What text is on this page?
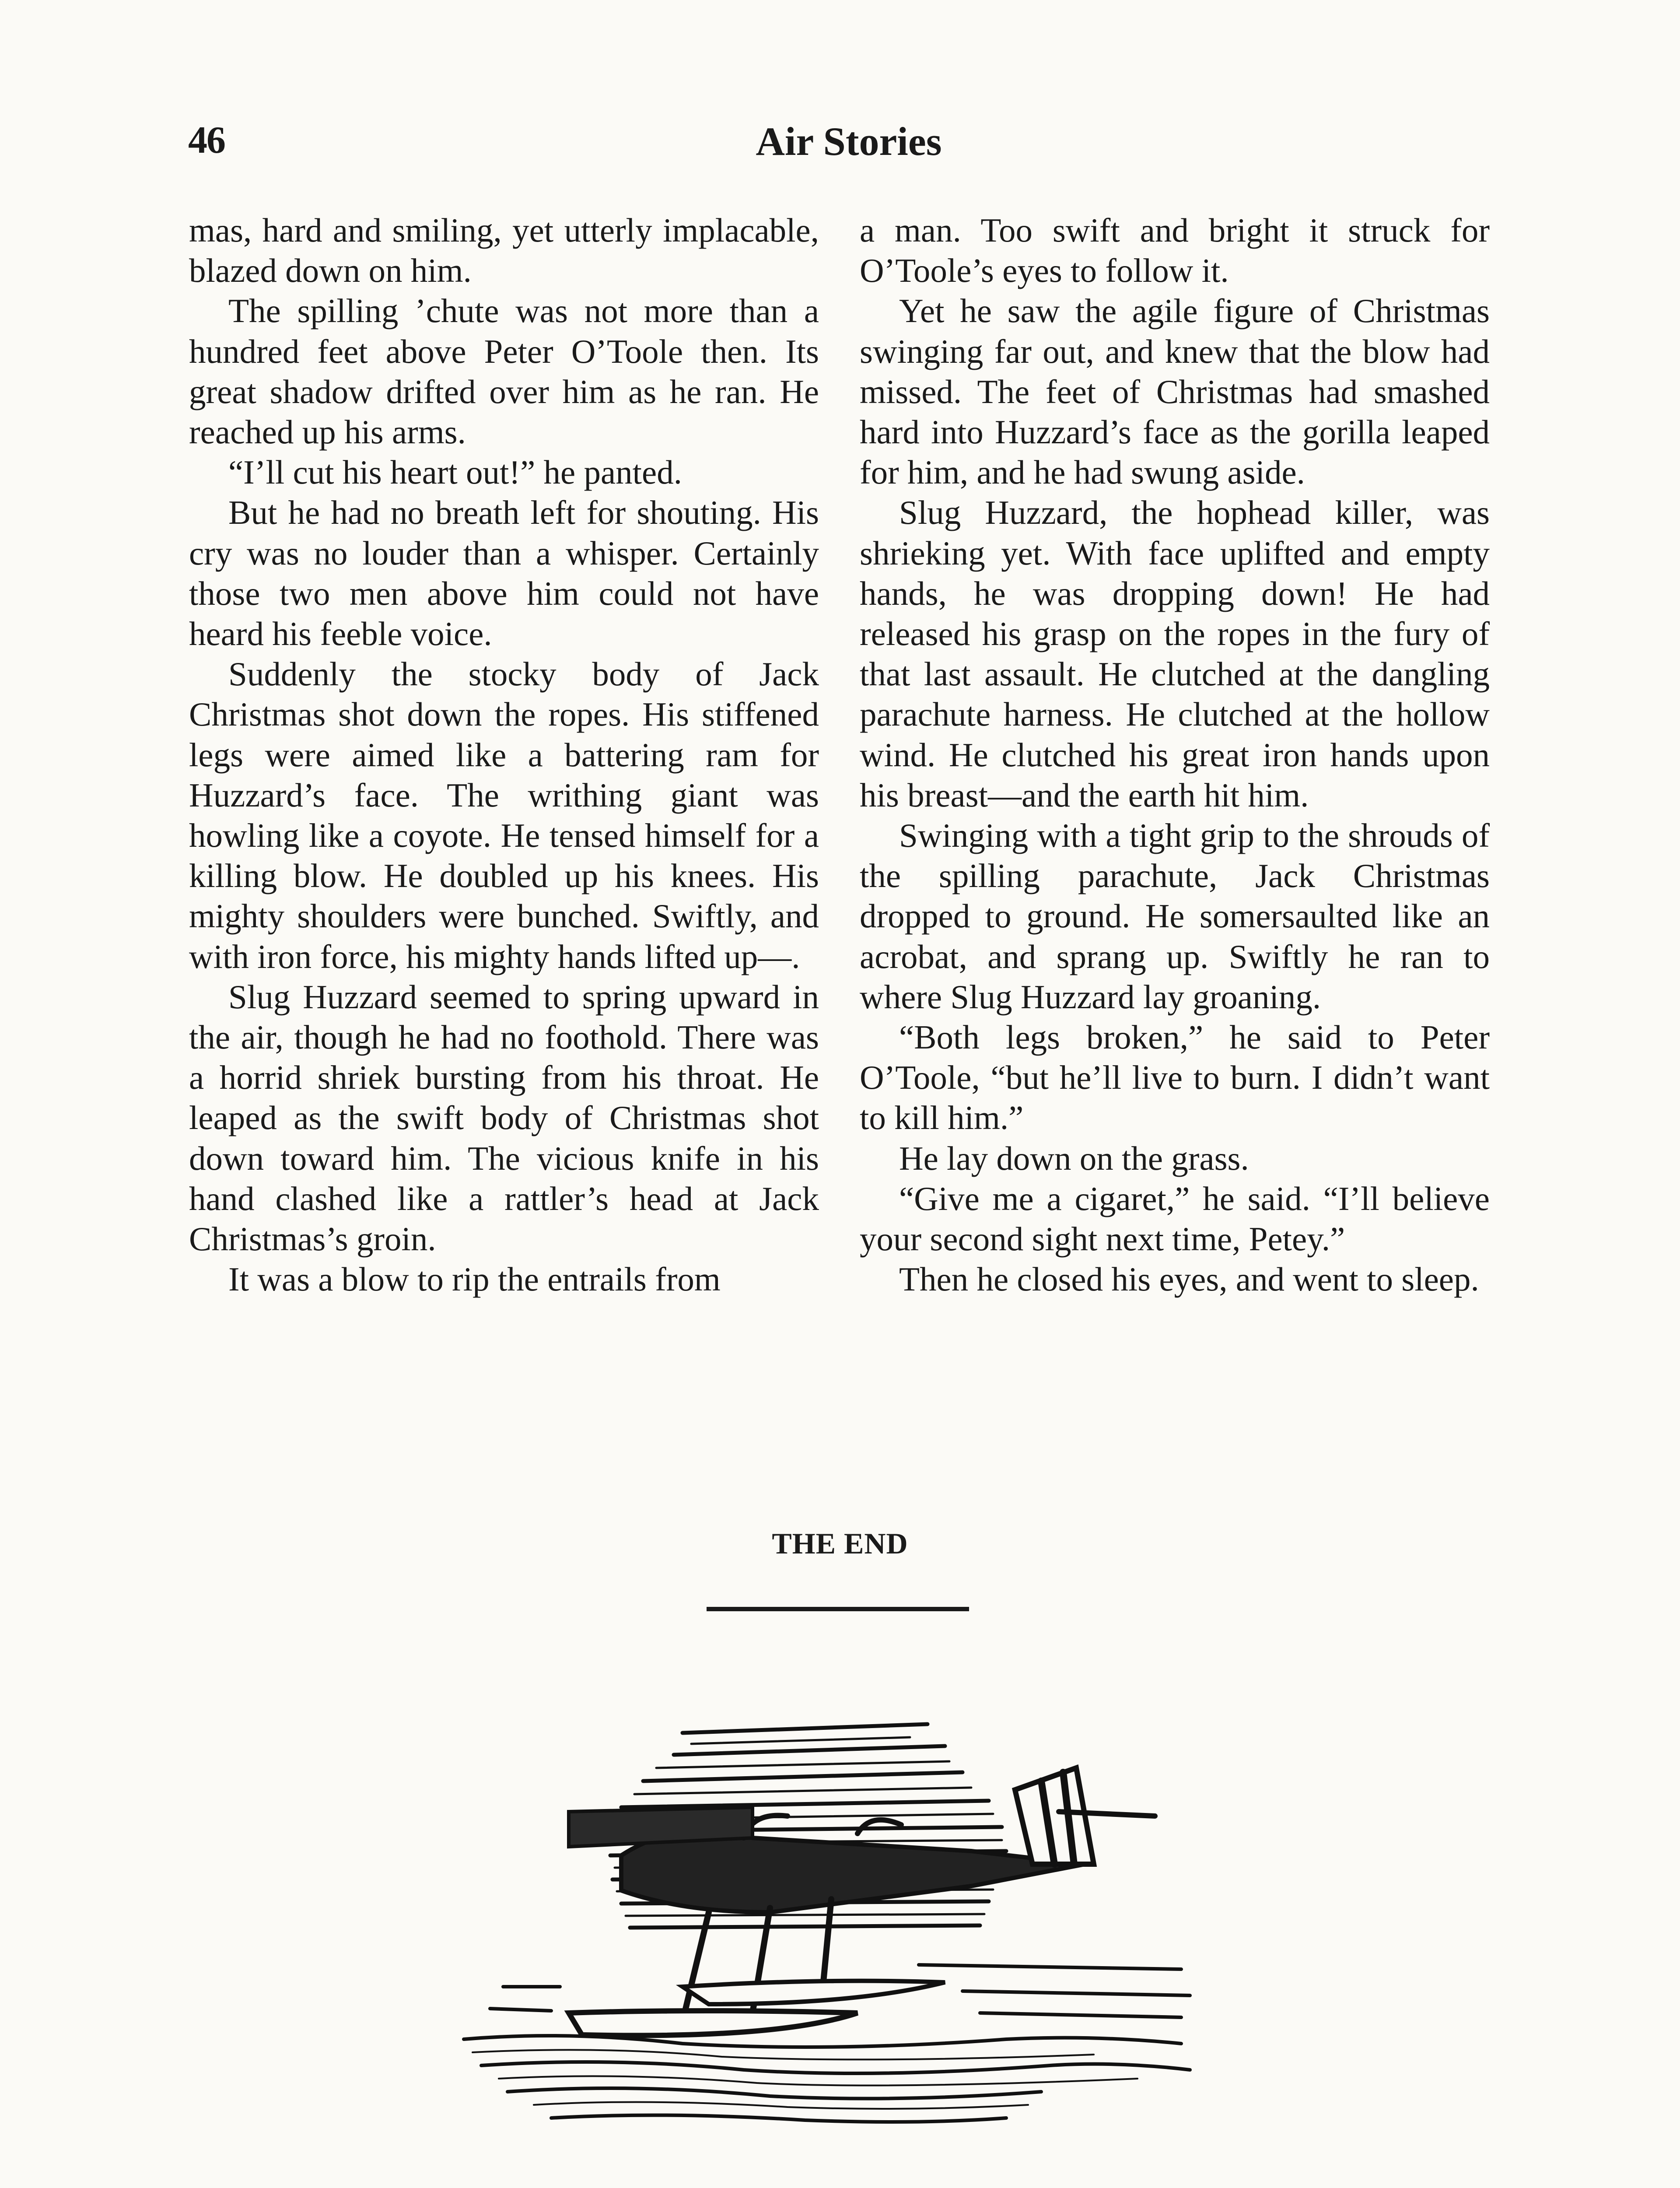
46	Air Stories

mas, hard and smiling, yet utterly implacable, blazed down on him.

The spilling ’chute was not more than a hundred feet above Peter O’Toole then. Its great shadow drifted over him as he ran. He reached up his arms.

“I’ll cut his heart out!” he panted.

But he had no breath left for shouting. His cry was no louder than a whisper. Certainly those two men above him could not have heard his feeble voice.

Suddenly the stocky body of Jack Christmas shot down the ropes. His stiffened legs were aimed like a battering ram for Huzzard’s face. The writhing giant was howling like a coyote. He tensed himself for a killing blow. He doubled up his knees. His mighty shoulders were bunched. Swiftly, and with iron force, his mighty hands lifted up—.

Slug Huzzard seemed to spring upward in the air, though he had no foothold. There was a horrid shriek bursting from his throat. He leaped as the swift body of Christmas shot down toward him. The vicious knife in his hand clashed like a rattler’s head at Jack Christmas’s groin.

It was a blow to rip the entrails from

a man. Too swift and bright it struck for O’Toole’s eyes to follow it.

Yet he saw the agile figure of Christmas swinging far out, and knew that the blow had missed. The feet of Christmas had smashed hard into Huzzard’s face as the gorilla leaped for him, and he had swung aside.

Slug Huzzard, the hophead killer, was shrieking yet. With face uplifted and empty hands, he was dropping down! He had released his grasp on the ropes in the fury of that last assault. He clutched at the dangling parachute harness. He clutched at the hollow wind. He clutched his great iron hands upon his breast—and the earth hit him.

Swinging with a tight grip to the shrouds of the spilling parachute, Jack Christmas dropped to ground. He somersaulted like an acrobat, and sprang up. Swiftly he ran to where Slug Huzzard lay groaning.

“Both legs broken,” he said to Peter O’Toole, “but he’ll live to burn. I didn’t want to kill him.”

He lay down on the grass.

“Give me a cigaret,” he said. “I’ll believe your second sight next time, Petey.”

Then he closed his eyes, and went to sleep.

THE END
